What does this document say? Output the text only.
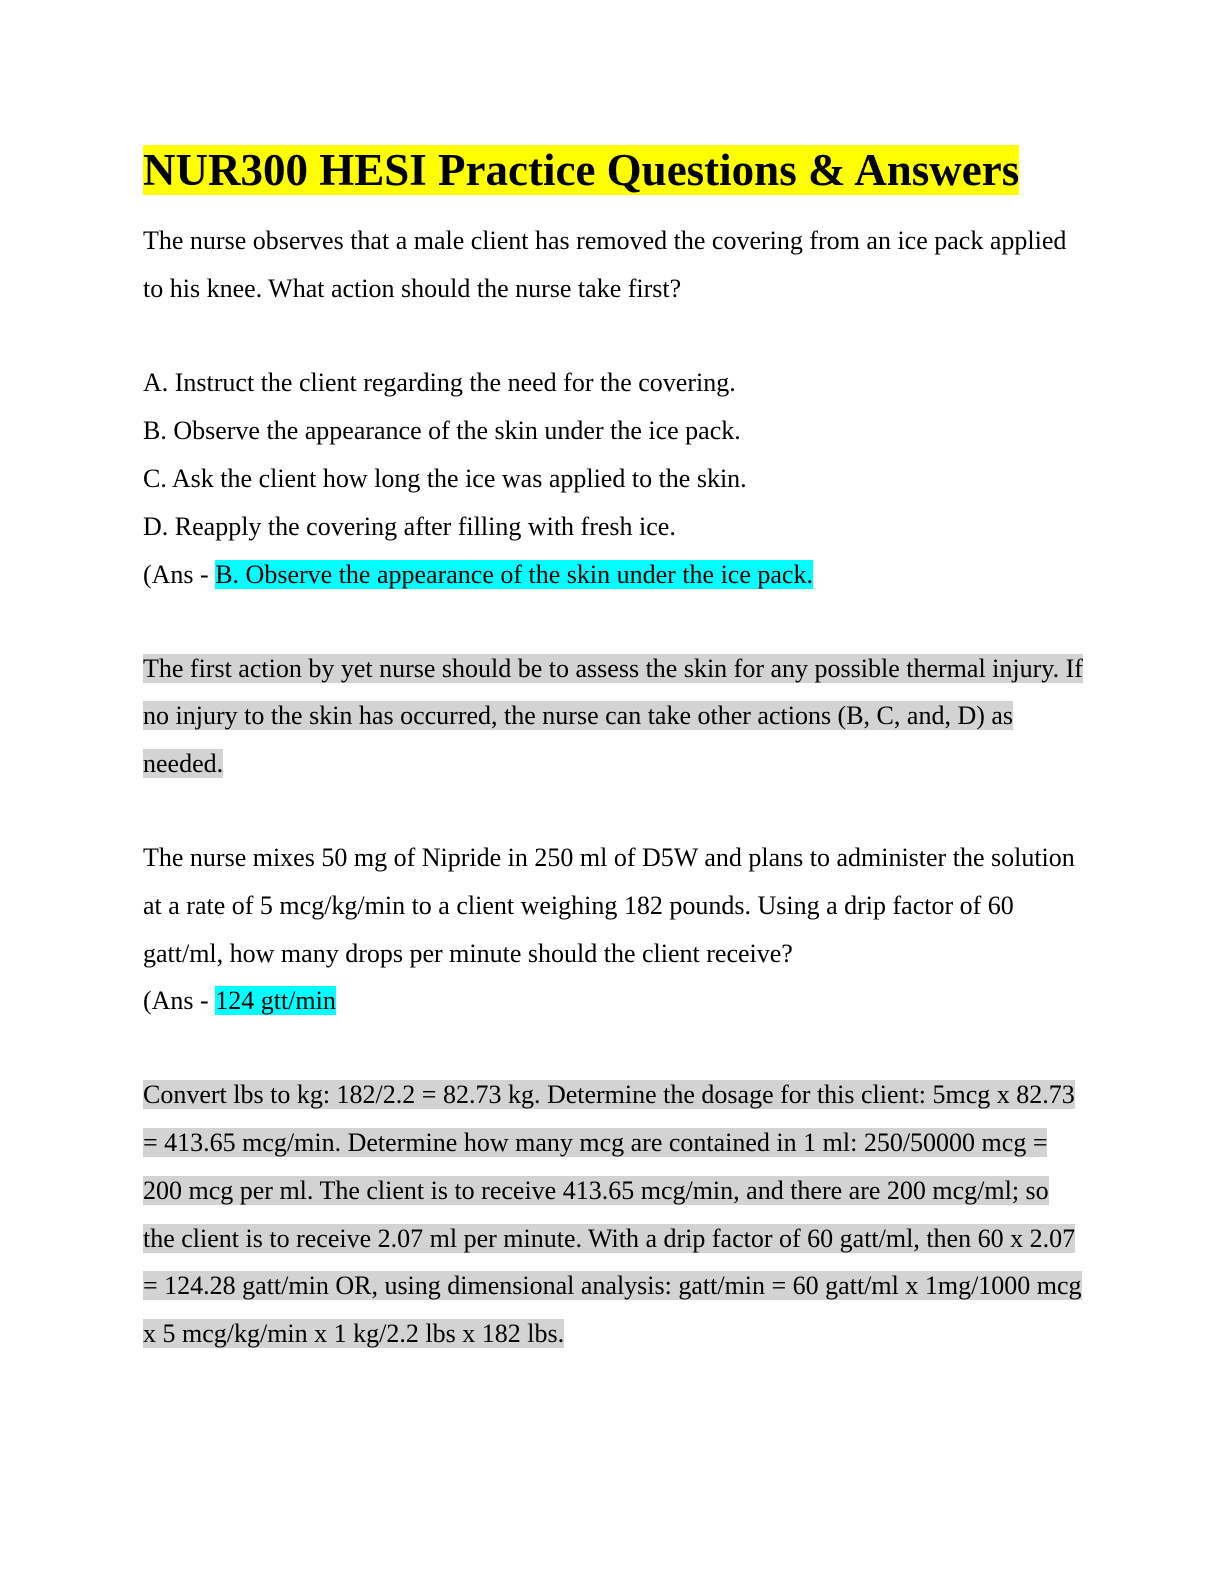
NUR300 HESI Practice Questions & Answers

The nurse observes that a male client has removed the covering from an ice pack applied to his knee. What action should the nurse take first?

A. Instruct the client regarding the need for the covering.

B. Observe the appearance of the skin under the ice pack.

C. Ask the client how long the ice was applied to the skin.

D. Reapply the covering after filling with fresh ice.

(Ans - B. Observe the appearance of the skin under the ice pack.

The first action by yet nurse should be to assess the skin for any possible thermal injury. If no injury to the skin has occurred, the nurse can take other actions (B, C, and, D) as needed.

The nurse mixes 50 mg of Nipride in 250 ml of D5W and plans to administer the solution at a rate of 5 mcg/kg/min to a client weighing 182 pounds. Using a drip factor of 60 gatt/ml, how many drops per minute should the client receive?

(Ans - 124 gtt/min

Convert lbs to kg: 182/2.2 = 82.73 kg. Determine the dosage for this client: 5mcg x 82.73 = 413.65 mcg/min. Determine how many mcg are contained in 1 ml: 250/50000 mcg = 200 mcg per ml. The client is to receive 413.65 mcg/min, and there are 200 mcg/ml; so the client is to receive 2.07 ml per minute. With a drip factor of 60 gatt/ml, then 60 x 2.07 = 124.28 gatt/min OR, using dimensional analysis: gatt/min = 60 gatt/ml x 1mg/1000 mcg x 5 mcg/kg/min x 1 kg/2.2 lbs x 182 lbs.
